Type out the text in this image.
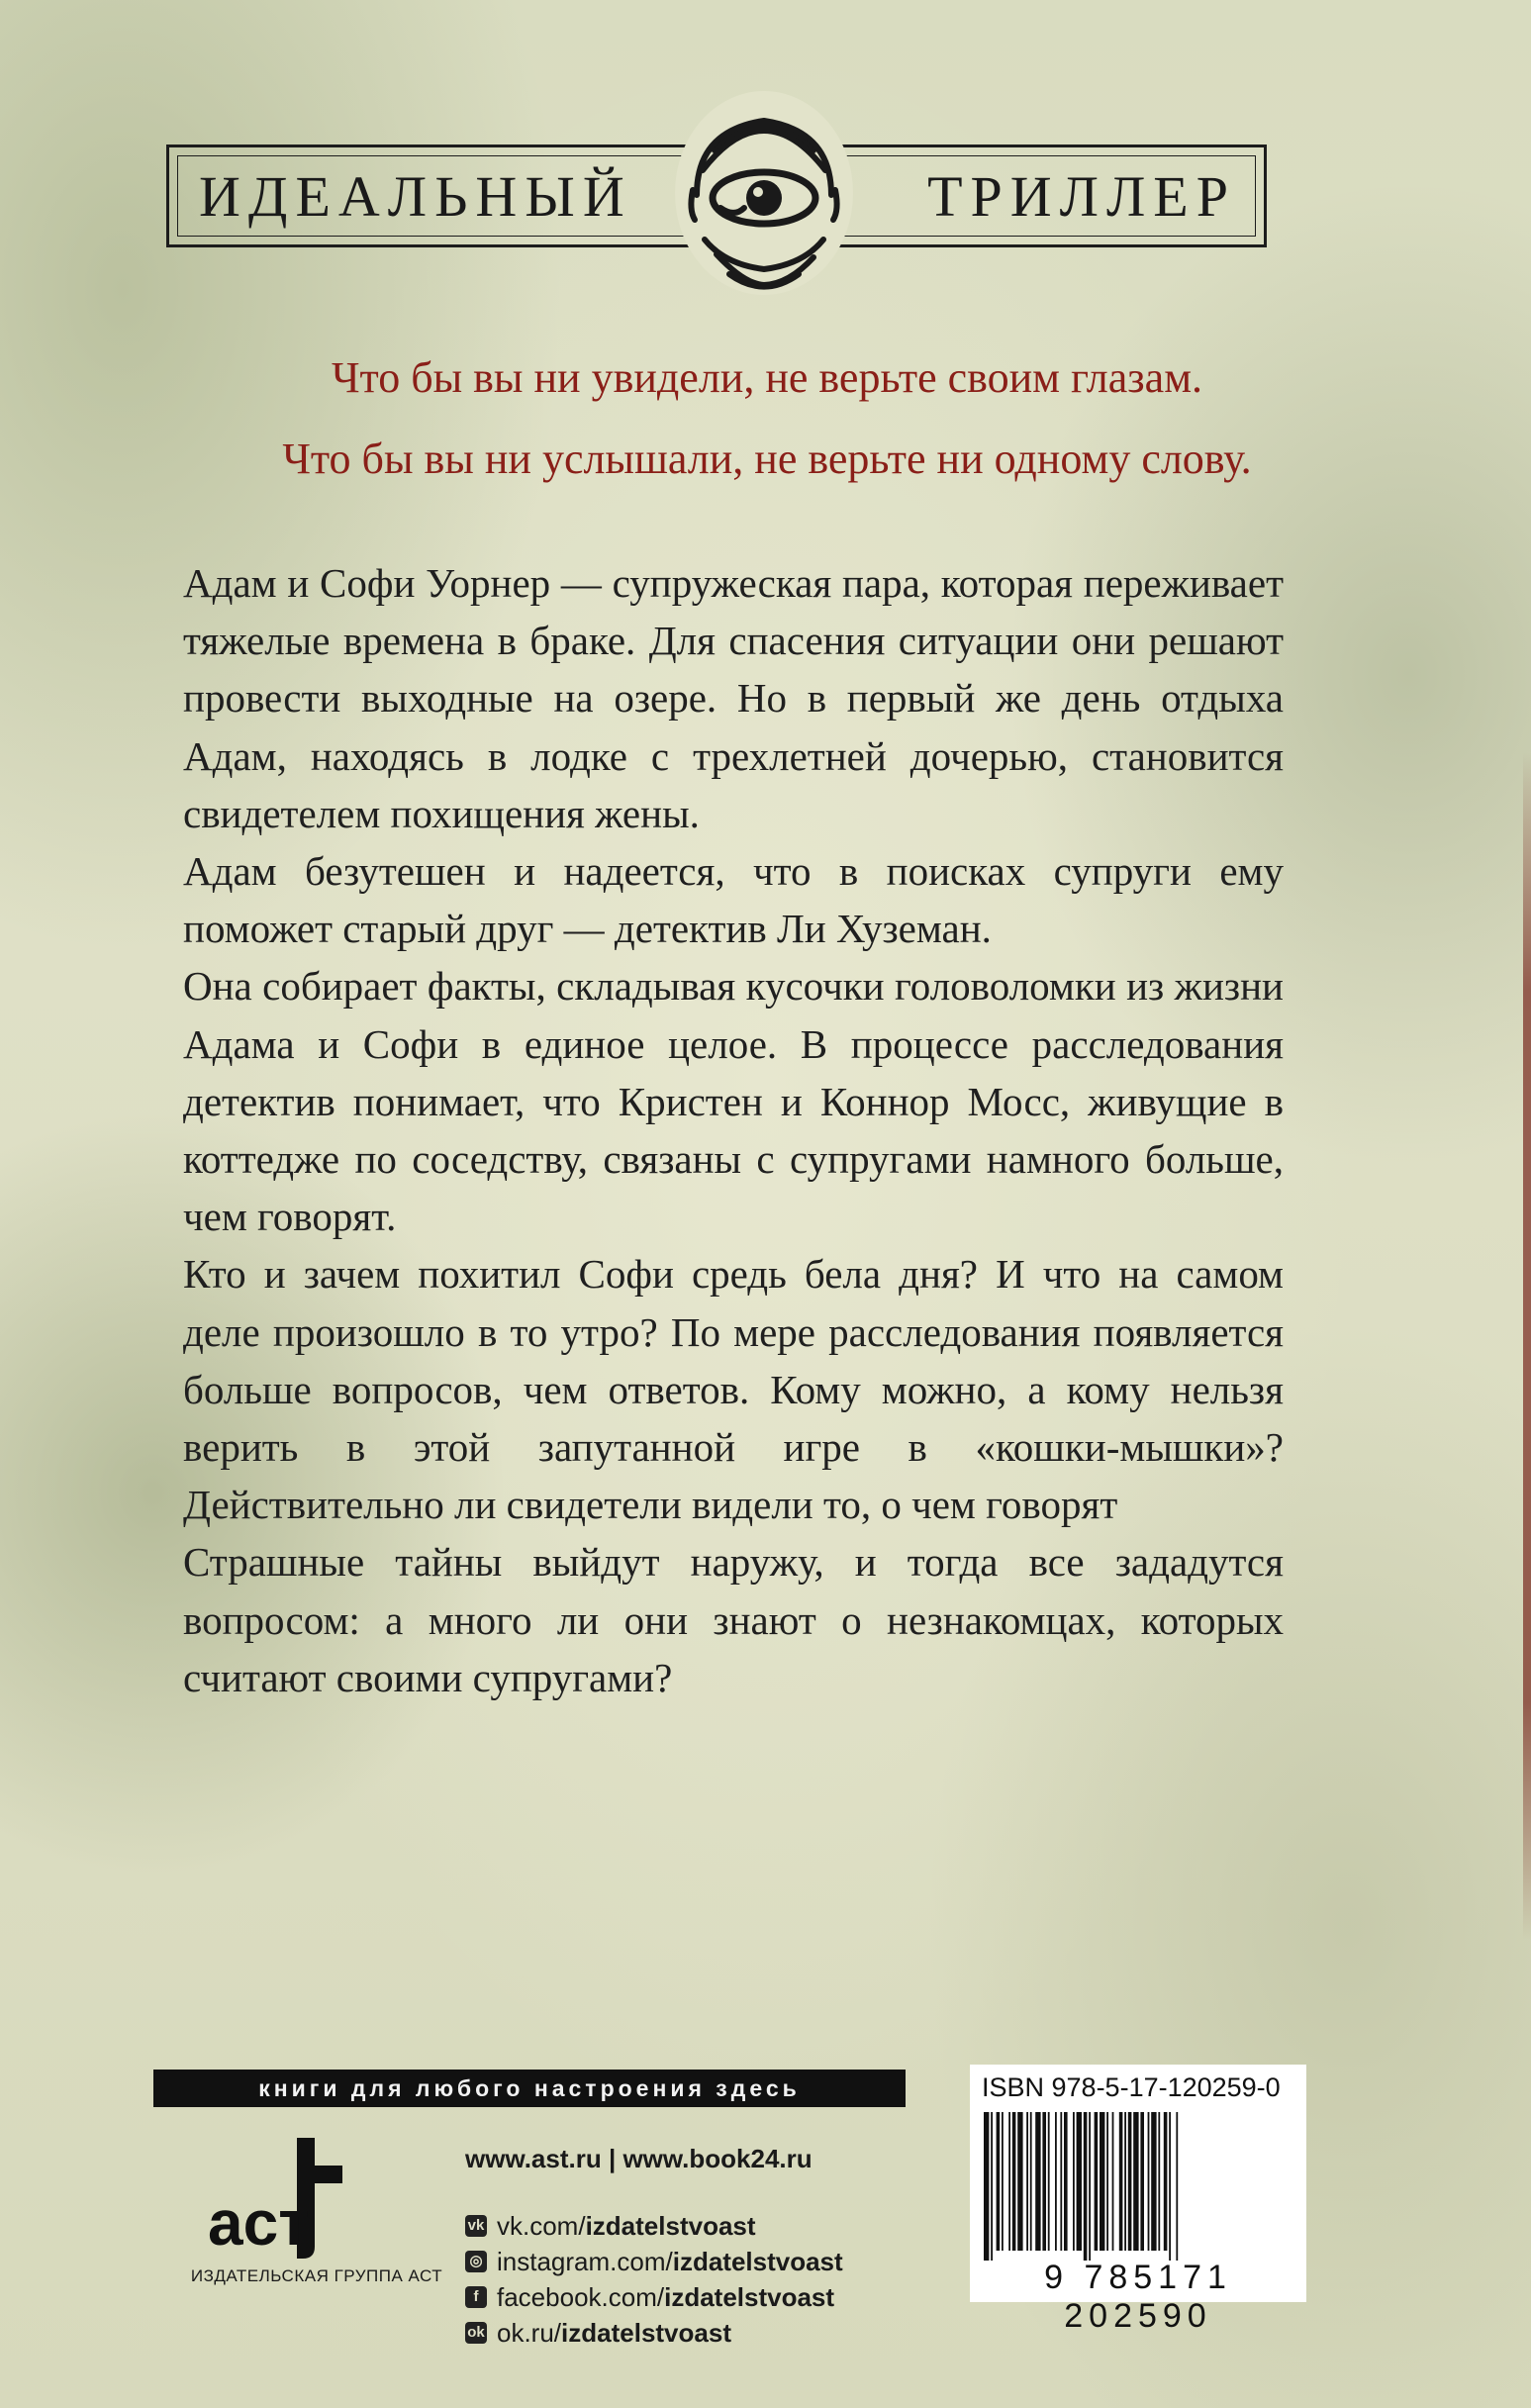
ИДЕАЛЬНЫЙ	ТРИЛЛЕР
Что бы вы ни увидели, не верьте своим глазам.
Что бы вы ни услышали, не верьте ни одному слову.

Адам и Софи Уорнер — супружеская пара, которая переживает тяжелые времена в браке. Для спасения ситуации они решают провести выходные на озере. Но в первый же день отдыха Адам, находясь в лодке с трехлетней дочерью, становится свидетелем похищения жены.

Адам безутешен и надеется, что в поисках супруги ему поможет старый друг — детектив Ли Хуземан.

Она собирает факты, складывая кусочки головоломки из жизни Адама и Софи в единое целое. В процессе расследования детектив понимает, что Кристен и Коннор Мосс, живущие в коттедже по соседству, связаны с супругами намного больше, чем говорят.

Кто и зачем похитил Софи средь бела дня? И что на самом деле произошло в то утро? По мере расследования появляется больше вопросов, чем ответов. Кому можно, а кому нельзя верить в этой запутанной игре в «кошки-мышки»? Действительно ли свидетели видели то, о чем говорят

Страшные тайны выйдут наружу, и тогда все зададутся вопросом: а много ли они знают о незнакомцах, которых считают своими супругами?

книги для любого настроения здесь
аст
ИЗДАТЕЛЬСКАЯ ГРУППА АСТ
www.ast.ru | www.book24.ru
vk vk.com/ izdatelstvoast
◎ instagram.com/ izdatelstvoast
f facebook.com/ izdatelstvoast
ok ok.ru/ izdatelstvoast
ISBN 978-5-17-120259-0
9 785171 202590
